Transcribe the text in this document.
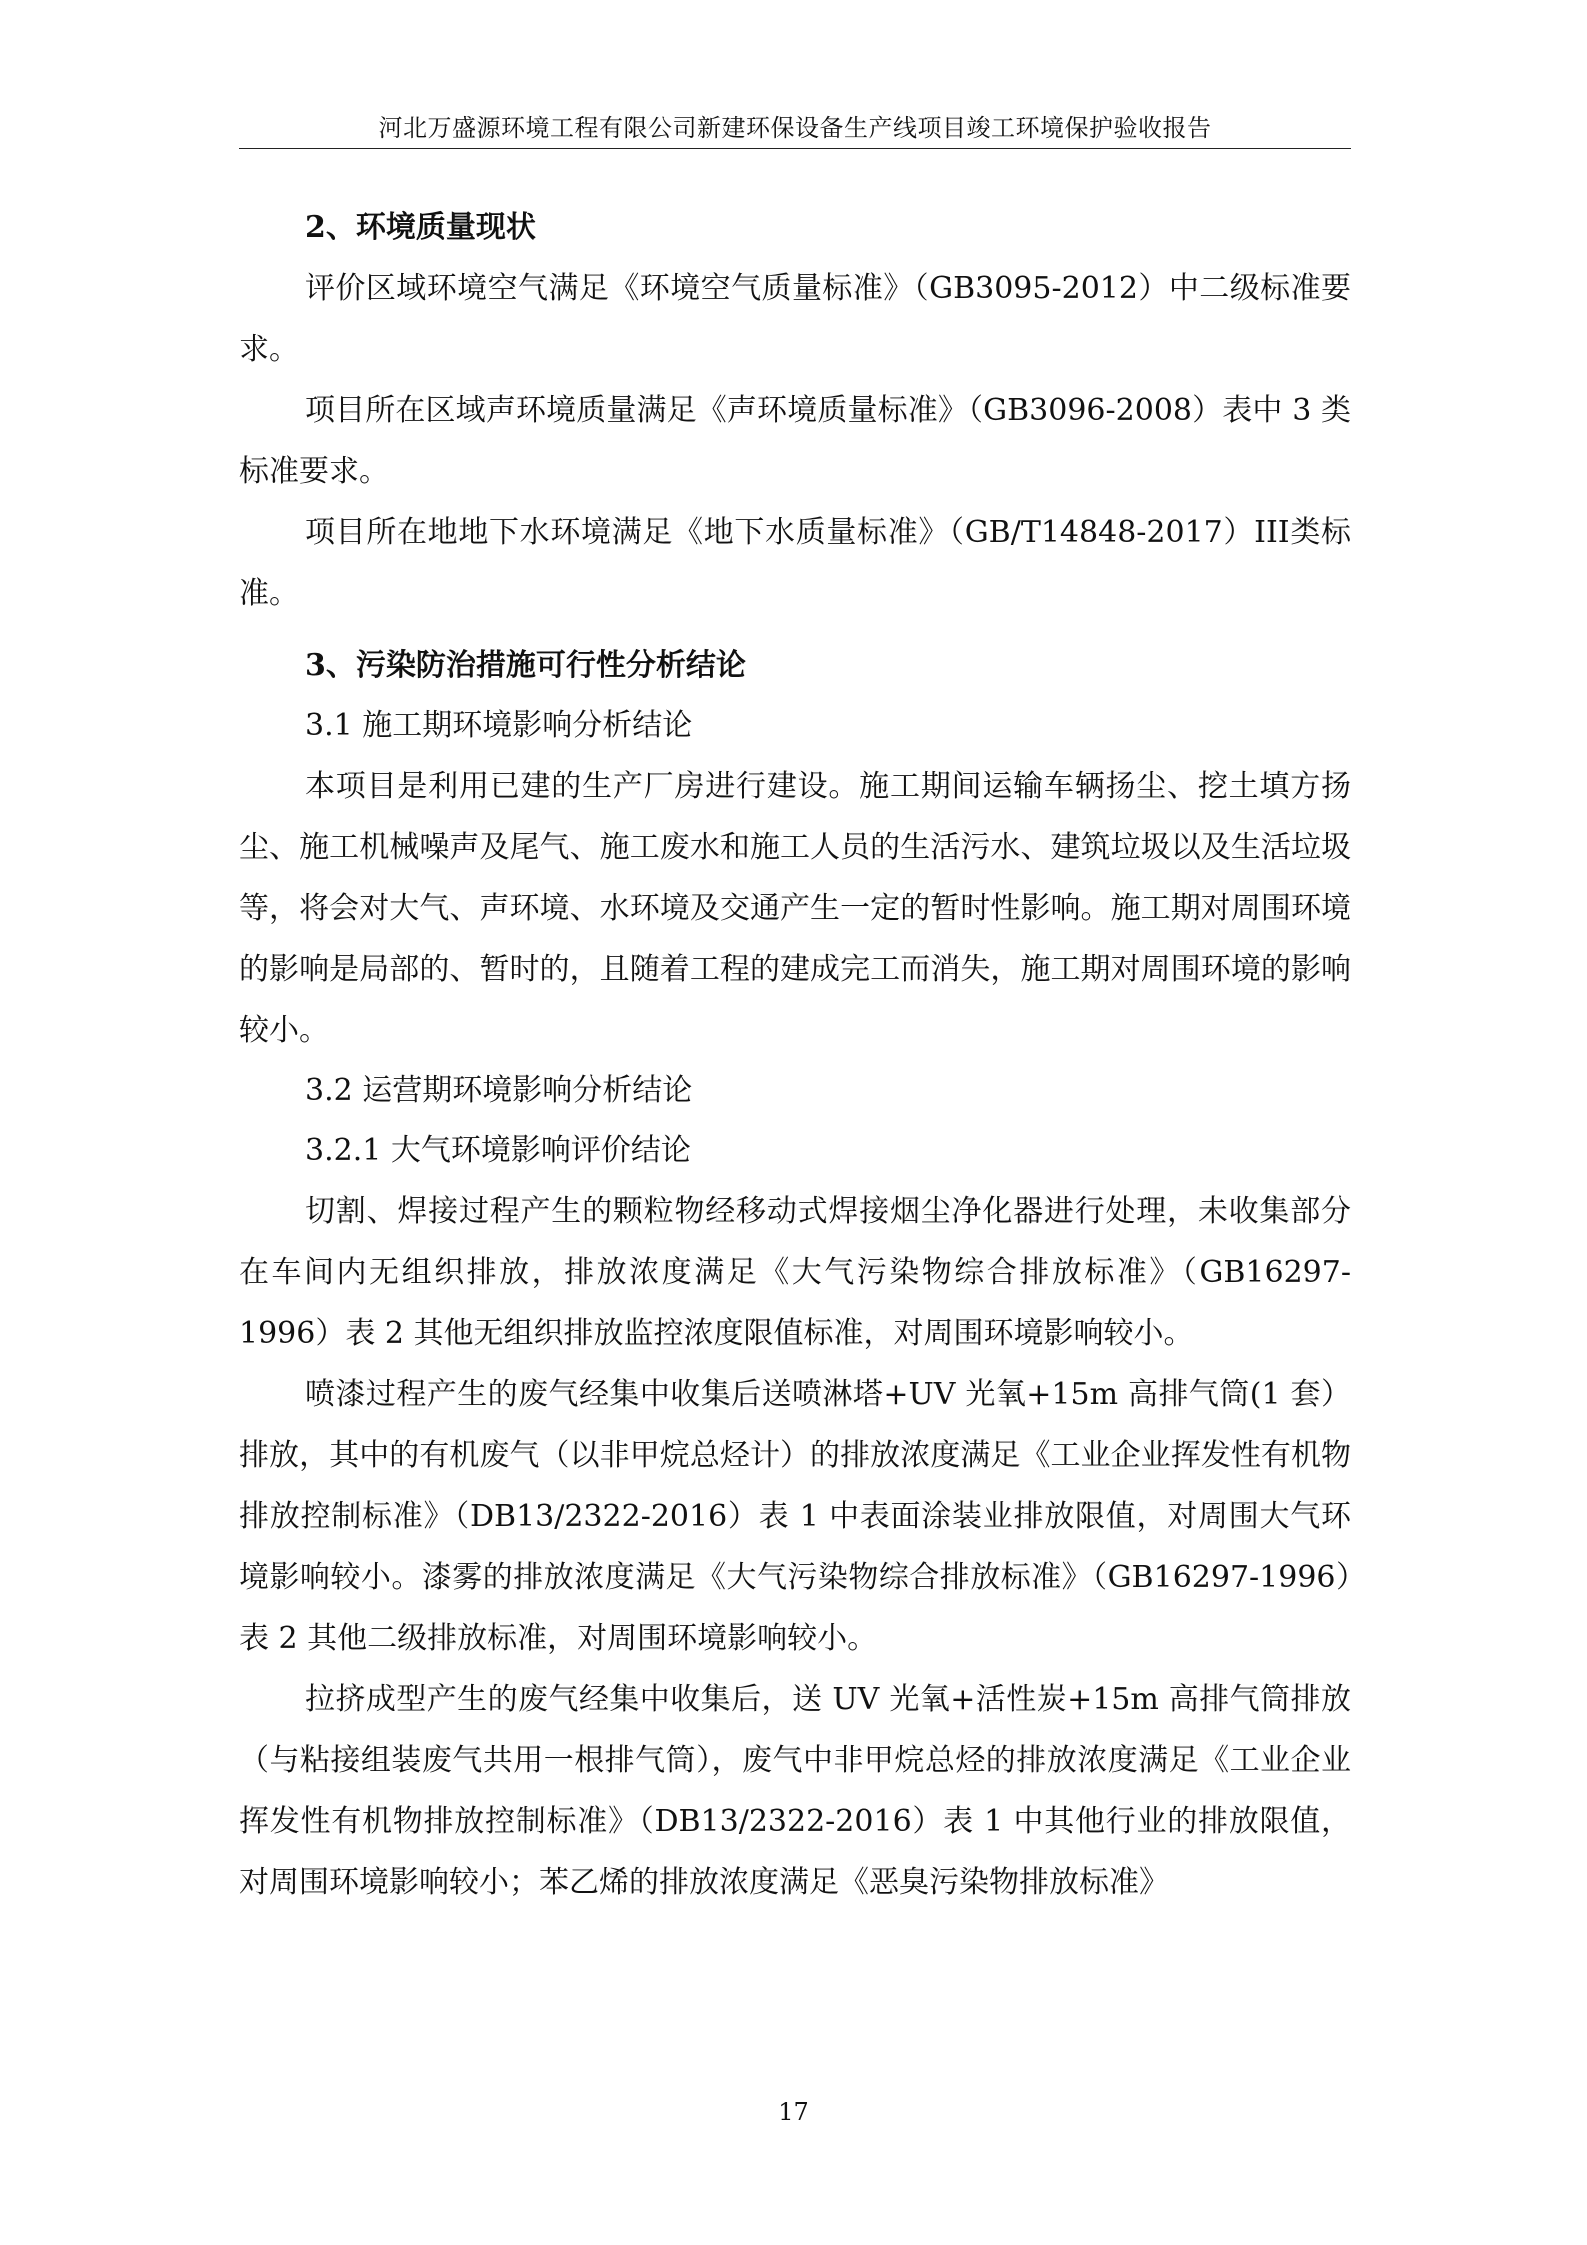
河北万盛源环境工程有限公司新建环保设备生产线项目竣工环境保护验收报告

2、环境质量现状

评价区域环境空气满足《环境空气质量标准》（GB3095-2012）中二级标准要求。

项目所在区域声环境质量满足《声环境质量标准》（GB3096-2008）表中 3 类标准要求。

项目所在地地下水环境满足《地下水质量标准》（GB/T14848-2017）III类标准。

3、污染防治措施可行性分析结论

3.1 施工期环境影响分析结论

本项目是利用已建的生产厂房进行建设。施工期间运输车辆扬尘、挖土填方扬尘、施工机械噪声及尾气、施工废水和施工人员的生活污水、建筑垃圾以及生活垃圾等，将会对大气、声环境、水环境及交通产生一定的暂时性影响。施工期对周围环境的影响是局部的、暂时的，且随着工程的建成完工而消失，施工期对周围环境的影响较小。

3.2 运营期环境影响分析结论

3.2.1 大气环境影响评价结论

切割、焊接过程产生的颗粒物经移动式焊接烟尘净化器进行处理，未收集部分在车间内无组织排放，排放浓度满足《大气污染物综合排放标准》（GB16297-1996）表 2 其他无组织排放监控浓度限值标准，对周围环境影响较小。

喷漆过程产生的废气经集中收集后送喷淋塔+UV 光氧+15m 高排气筒(1 套）排放，其中的有机废气（以非甲烷总烃计）的排放浓度满足《工业企业挥发性有机物排放控制标准》（DB13/2322-2016）表 1 中表面涂装业排放限值，对周围大气环境影响较小。漆雾的排放浓度满足《大气污染物综合排放标准》（GB16297-1996）表 2 其他二级排放标准，对周围环境影响较小。

拉挤成型产生的废气经集中收集后，送 UV 光氧+活性炭+15m 高排气筒排放（与粘接组装废气共用一根排气筒），废气中非甲烷总烃的排放浓度满足《工业企业挥发性有机物排放控制标准》（DB13/2322-2016）表 1 中其他行业的排放限值，对周围环境影响较小；苯乙烯的排放浓度满足《恶臭污染物排放标准》

17
